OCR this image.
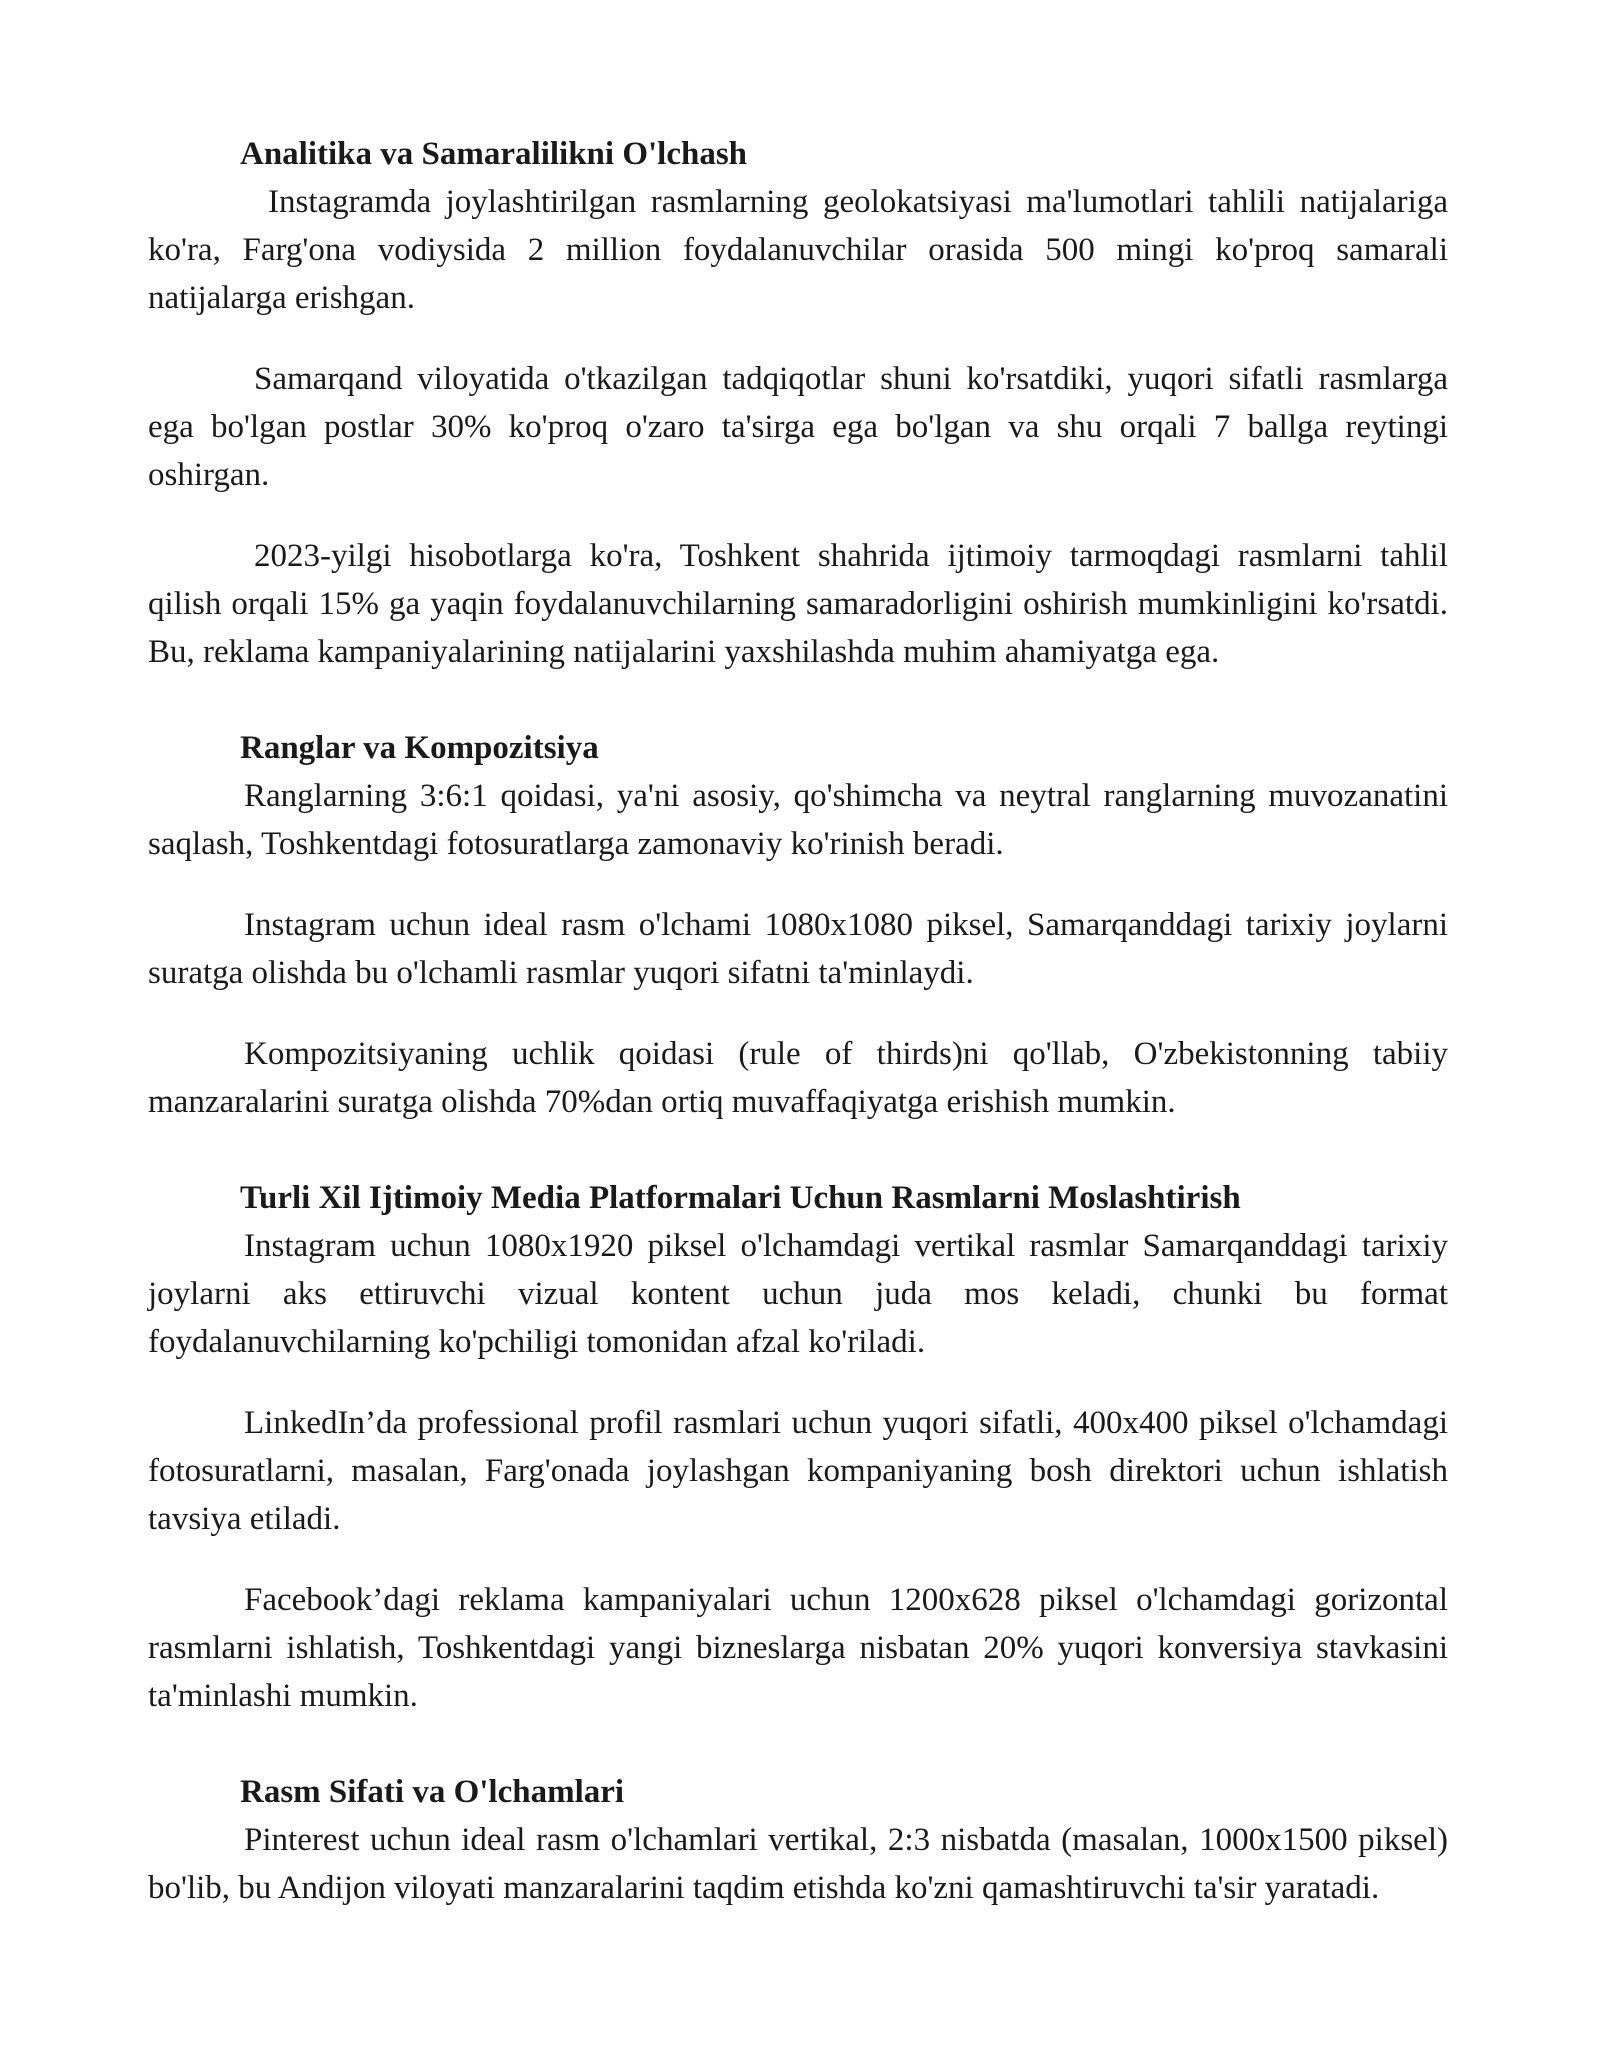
Analitika va Samaralilikni O'lchash

Instagramda joylashtirilgan rasmlarning geolokatsiyasi ma'lumotlari tahlili natijalariga ko'ra, Farg'ona vodiysida 2 million foydalanuvchilar orasida 500 mingi ko'proq samarali natijalarga erishgan.

Samarqand viloyatida o'tkazilgan tadqiqotlar shuni ko'rsatdiki, yuqori sifatli rasmlarga ega bo'lgan postlar 30% ko'proq o'zaro ta'sirga ega bo'lgan va shu orqali 7 ballga reytingi oshirgan.

2023-yilgi hisobotlarga ko'ra, Toshkent shahrida ijtimoiy tarmoqdagi rasmlarni tahlil qilish orqali 15% ga yaqin foydalanuvchilarning samaradorligini oshirish mumkinligini ko'rsatdi. Bu, reklama kampaniyalarining natijalarini yaxshilashda muhim ahamiyatga ega.

Ranglar va Kompozitsiya

Ranglarning 3:6:1 qoidasi, ya'ni asosiy, qo'shimcha va neytral ranglarning muvozanatini saqlash, Toshkentdagi fotosuratlarga zamonaviy ko'rinish beradi.

Instagram uchun ideal rasm o'lchami 1080x1080 piksel, Samarqanddagi tarixiy joylarni suratga olishda bu o'lchamli rasmlar yuqori sifatni ta'minlaydi.

Kompozitsiyaning uchlik qoidasi (rule of thirds)ni qo'llab, O'zbekistonning tabiiy manzaralarini suratga olishda 70%dan ortiq muvaffaqiyatga erishish mumkin.

Turli Xil Ijtimoiy Media Platformalari Uchun Rasmlarni Moslashtirish

Instagram uchun 1080x1920 piksel o'lchamdagi vertikal rasmlar Samarqanddagi tarixiy joylarni aks ettiruvchi vizual kontent uchun juda mos keladi, chunki bu format foydalanuvchilarning ko'pchiligi tomonidan afzal ko'riladi.

LinkedIn’da professional profil rasmlari uchun yuqori sifatli, 400x400 piksel o'lchamdagi fotosuratlarni, masalan, Farg'onada joylashgan kompaniyaning bosh direktori uchun ishlatish tavsiya etiladi.

Facebook’dagi reklama kampaniyalari uchun 1200x628 piksel o'lchamdagi gorizontal rasmlarni ishlatish, Toshkentdagi yangi bizneslarga nisbatan 20% yuqori konversiya stavkasini ta'minlashi mumkin.

Rasm Sifati va O'lchamlari

Pinterest uchun ideal rasm o'lchamlari vertikal, 2:3 nisbatda (masalan, 1000x1500 piksel) bo'lib, bu Andijon viloyati manzaralarini taqdim etishda ko'zni qamashtiruvchi ta'sir yaratadi.
